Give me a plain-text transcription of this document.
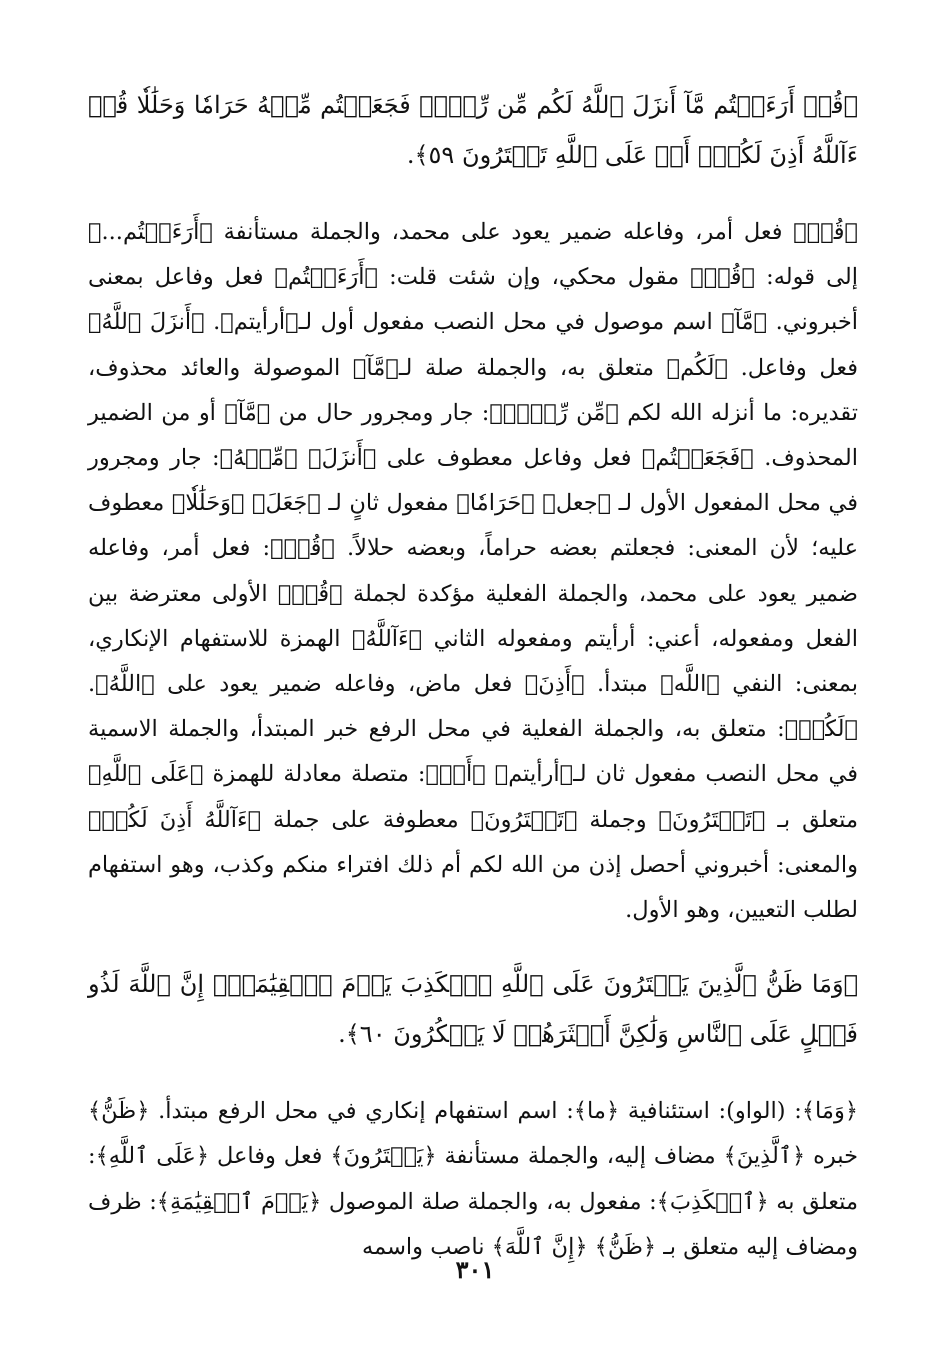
﴿قُلۡ أَرَءَيۡتُم مَّآ أَنزَلَ ٱللَّهُ لَكُم مِّن رِّزۡقٖ فَجَعَلۡتُم مِّنۡهُ حَرَامٗا وَحَلَٰلٗا قُلۡ ءَآللَّهُ أَذِنَ لَكُمۡۖ أَمۡ عَلَى ٱللَّهِ تَفۡتَرُونَ ٥٩﴾.

﴿قُلۡ﴾ فعل أمر، وفاعله ضمير يعود على محمد، والجملة مستأنفة ﴿أَرَءَيۡتُم...﴾ إلى قوله: ﴿قُلۡ﴾ مقول محكي، وإن شئت قلت: ﴿أَرَءَيۡتُم﴾ فعل وفاعل بمعنى أخبروني. ﴿مَّآ﴾ اسم موصول في محل النصب مفعول أول لـ﴿أرأيتم﴾. ﴿أَنزَلَ ٱللَّهُ﴾ فعل وفاعل. ﴿لَكُم﴾ متعلق به، والجملة صلة لـ﴿مَّآ﴾ الموصولة والعائد محذوف، تقديره: ما أنزله الله لكم ﴿مِّن رِّزۡقٖ﴾: جار ومجرور حال من ﴿مَّآ﴾ أو من الضمير المحذوف. ﴿فَجَعَلۡتُم﴾ فعل وفاعل معطوف على ﴿أَنزَلَ﴾ ﴿مِّنۡهُ﴾: جار ومجرور في محل المفعول الأول لـ ﴿جعل﴾ ﴿حَرَامٗا﴾ مفعول ثانٍ لـ ﴿جَعَلَ﴾ ﴿وَحَلَٰلٗا﴾ معطوف عليه؛ لأن المعنى: فجعلتم بعضه حراماً، وبعضه حلالاً. ﴿قُلۡ﴾: فعل أمر، وفاعله ضمير يعود على محمد، والجملة الفعلية مؤكدة لجملة ﴿قُلۡ﴾ الأولى معترضة بين الفعل ومفعوله، أعني: أرأيتم ومفعوله الثاني ﴿ءَآللَّهُ﴾ الهمزة للاستفهام الإنكاري، بمعنى: النفي ﴿اللَّه﴾ مبتدأ. ﴿أَذِنَ﴾ فعل ماض، وفاعله ضمير يعود على ﴿اللَّهُ﴾. ﴿لَكُمۡ﴾: متعلق به، والجملة الفعلية في محل الرفع خبر المبتدأ، والجملة الاسمية في محل النصب مفعول ثان لـ﴿أرأيتم﴾ ﴿أَمۡ﴾: متصلة معادلة للهمزة ﴿عَلَى ٱللَّهِ﴾ متعلق بـ ﴿تَفۡتَرُونَ﴾ وجملة ﴿تَفۡتَرُونَ﴾ معطوفة على جملة ﴿ءَآللَّهُ أَذِنَ لَكُمۡ﴾ والمعنى: أخبروني أحصل إذن من الله لكم أم ذلك افتراء منكم وكذب، وهو استفهام لطلب التعيين، وهو الأول.

﴿وَمَا ظَنُّ ٱلَّذِينَ يَفۡتَرُونَ عَلَى ٱللَّهِ ٱلۡكَذِبَ يَوۡمَ ٱلۡقِيَٰمَةِۗ إِنَّ ٱللَّهَ لَذُو فَضۡلٍ عَلَى ٱلنَّاسِ وَلَٰكِنَّ أَكۡثَرَهُمۡ لَا يَشۡكُرُونَ ٦٠﴾.

﴿وَمَا﴾: (الواو): استئنافية ﴿ما﴾: اسم استفهام إنكاري في محل الرفع مبتدأ. ﴿ظَنُّ﴾ خبره ﴿ٱلَّذِينَ﴾ مضاف إليه، والجملة مستأنفة ﴿يَفۡتَرُونَ﴾ فعل وفاعل ﴿عَلَى ٱللَّهِ﴾: متعلق به ﴿ٱلۡكَذِبَ﴾: مفعول به، والجملة صلة الموصول ﴿يَوۡمَ ٱلۡقِيَٰمَةِ﴾: ظرف ومضاف إليه متعلق بـ ﴿ظَنُّ﴾ ﴿إِنَّ ٱللَّهَ﴾ ناصب واسمه

٣٠١
